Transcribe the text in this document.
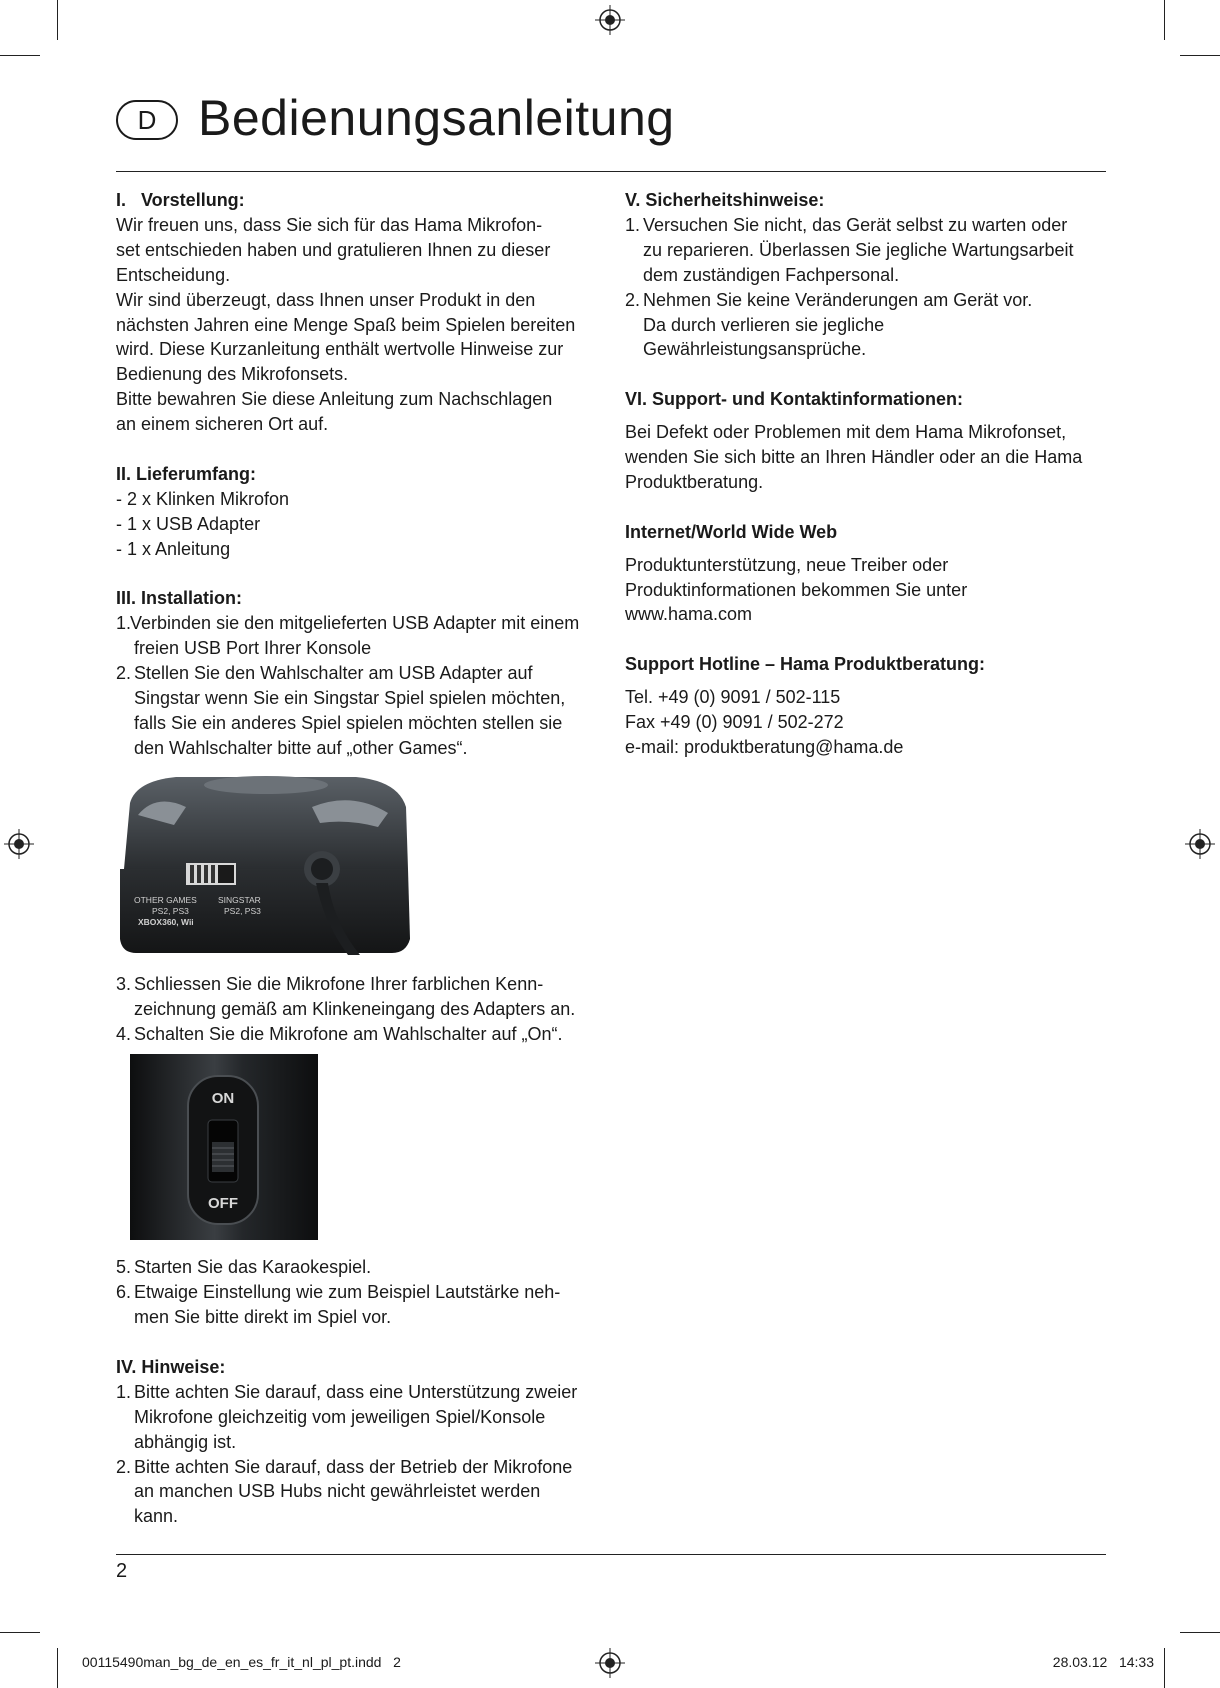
D Bedienungsanleitung

I.   Vorstellung:

Wir freuen uns, dass Sie sich für das Hama Mikrofon-

set entschieden haben und gratulieren Ihnen zu dieser

Entscheidung.

Wir sind überzeugt, dass Ihnen unser Produkt in den

nächsten Jahren eine Menge Spaß beim Spielen bereiten

wird. Diese Kurzanleitung enthält wertvolle Hinweise zur

Bedienung des Mikrofonsets.

Bitte bewahren Sie diese Anleitung zum Nachschlagen

an einem sicheren Ort auf.

II. Lieferumfang:

- 2 x Klinken Mikrofon

- 1 x USB Adapter

- 1 x Anleitung

III. Installation:

1.
Verbinden sie den mitgelieferten USB Adapter mit einem
freien USB Port Ihrer Konsole
2. Stellen Sie den Wahlschalter am USB Adapter auf
Singstar wenn Sie ein Singstar Spiel spielen möchten,
falls Sie ein anderes Spiel spielen möchten stellen sie
den Wahlschalter bitte auf „other Games“.
OTHER GAMES
PS2, PS3
XBOX360, Wii
SINGSTAR
PS2, PS3
3. Schliessen Sie die Mikrofone Ihrer farblichen Kenn-
zeichnung gemäß am Klinkeneingang des Adapters an.
4. Schalten Sie die Mikrofone am Wahlschalter auf „On“.
ON
OFF
5. Starten Sie das Karaokespiel.
6. Etwaige Einstellung wie zum Beispiel Lautstärke neh-
men Sie bitte direkt im Spiel vor.

IV. Hinweise:

1. Bitte achten Sie darauf, dass eine Unterstützung zweier
Mikrofone gleichzeitig vom jeweiligen Spiel/Konsole
abhängig ist.
2. Bitte achten Sie darauf, dass der Betrieb der Mikrofone
an manchen USB Hubs nicht gewährleistet werden
kann.

V. Sicherheitshinweise:

1. Versuchen Sie nicht, das Gerät selbst zu warten oder
zu reparieren. Überlassen Sie jegliche Wartungsarbeit
dem zuständigen Fachpersonal.
2. Nehmen Sie keine Veränderungen am Gerät vor.
Da durch verlieren sie jegliche
Gewährleistungsansprüche.

VI. Support- und Kontaktinformationen:

Bei Defekt oder Problemen mit dem Hama Mikrofonset,

wenden Sie sich bitte an Ihren Händler oder an die Hama

Produktberatung.

Internet/World Wide Web

Produktunterstützung, neue Treiber oder

Produktinformationen bekommen Sie unter

www.hama.com

Support Hotline – Hama Produktberatung:

Tel. +49 (0) 9091 / 502-115

Fax +49 (0) 9091 / 502-272

e-mail: produktberatung@hama.de

2
00115490man_bg_de_en_es_fr_it_nl_pl_pt.indd   2	28.03.12   14:33
